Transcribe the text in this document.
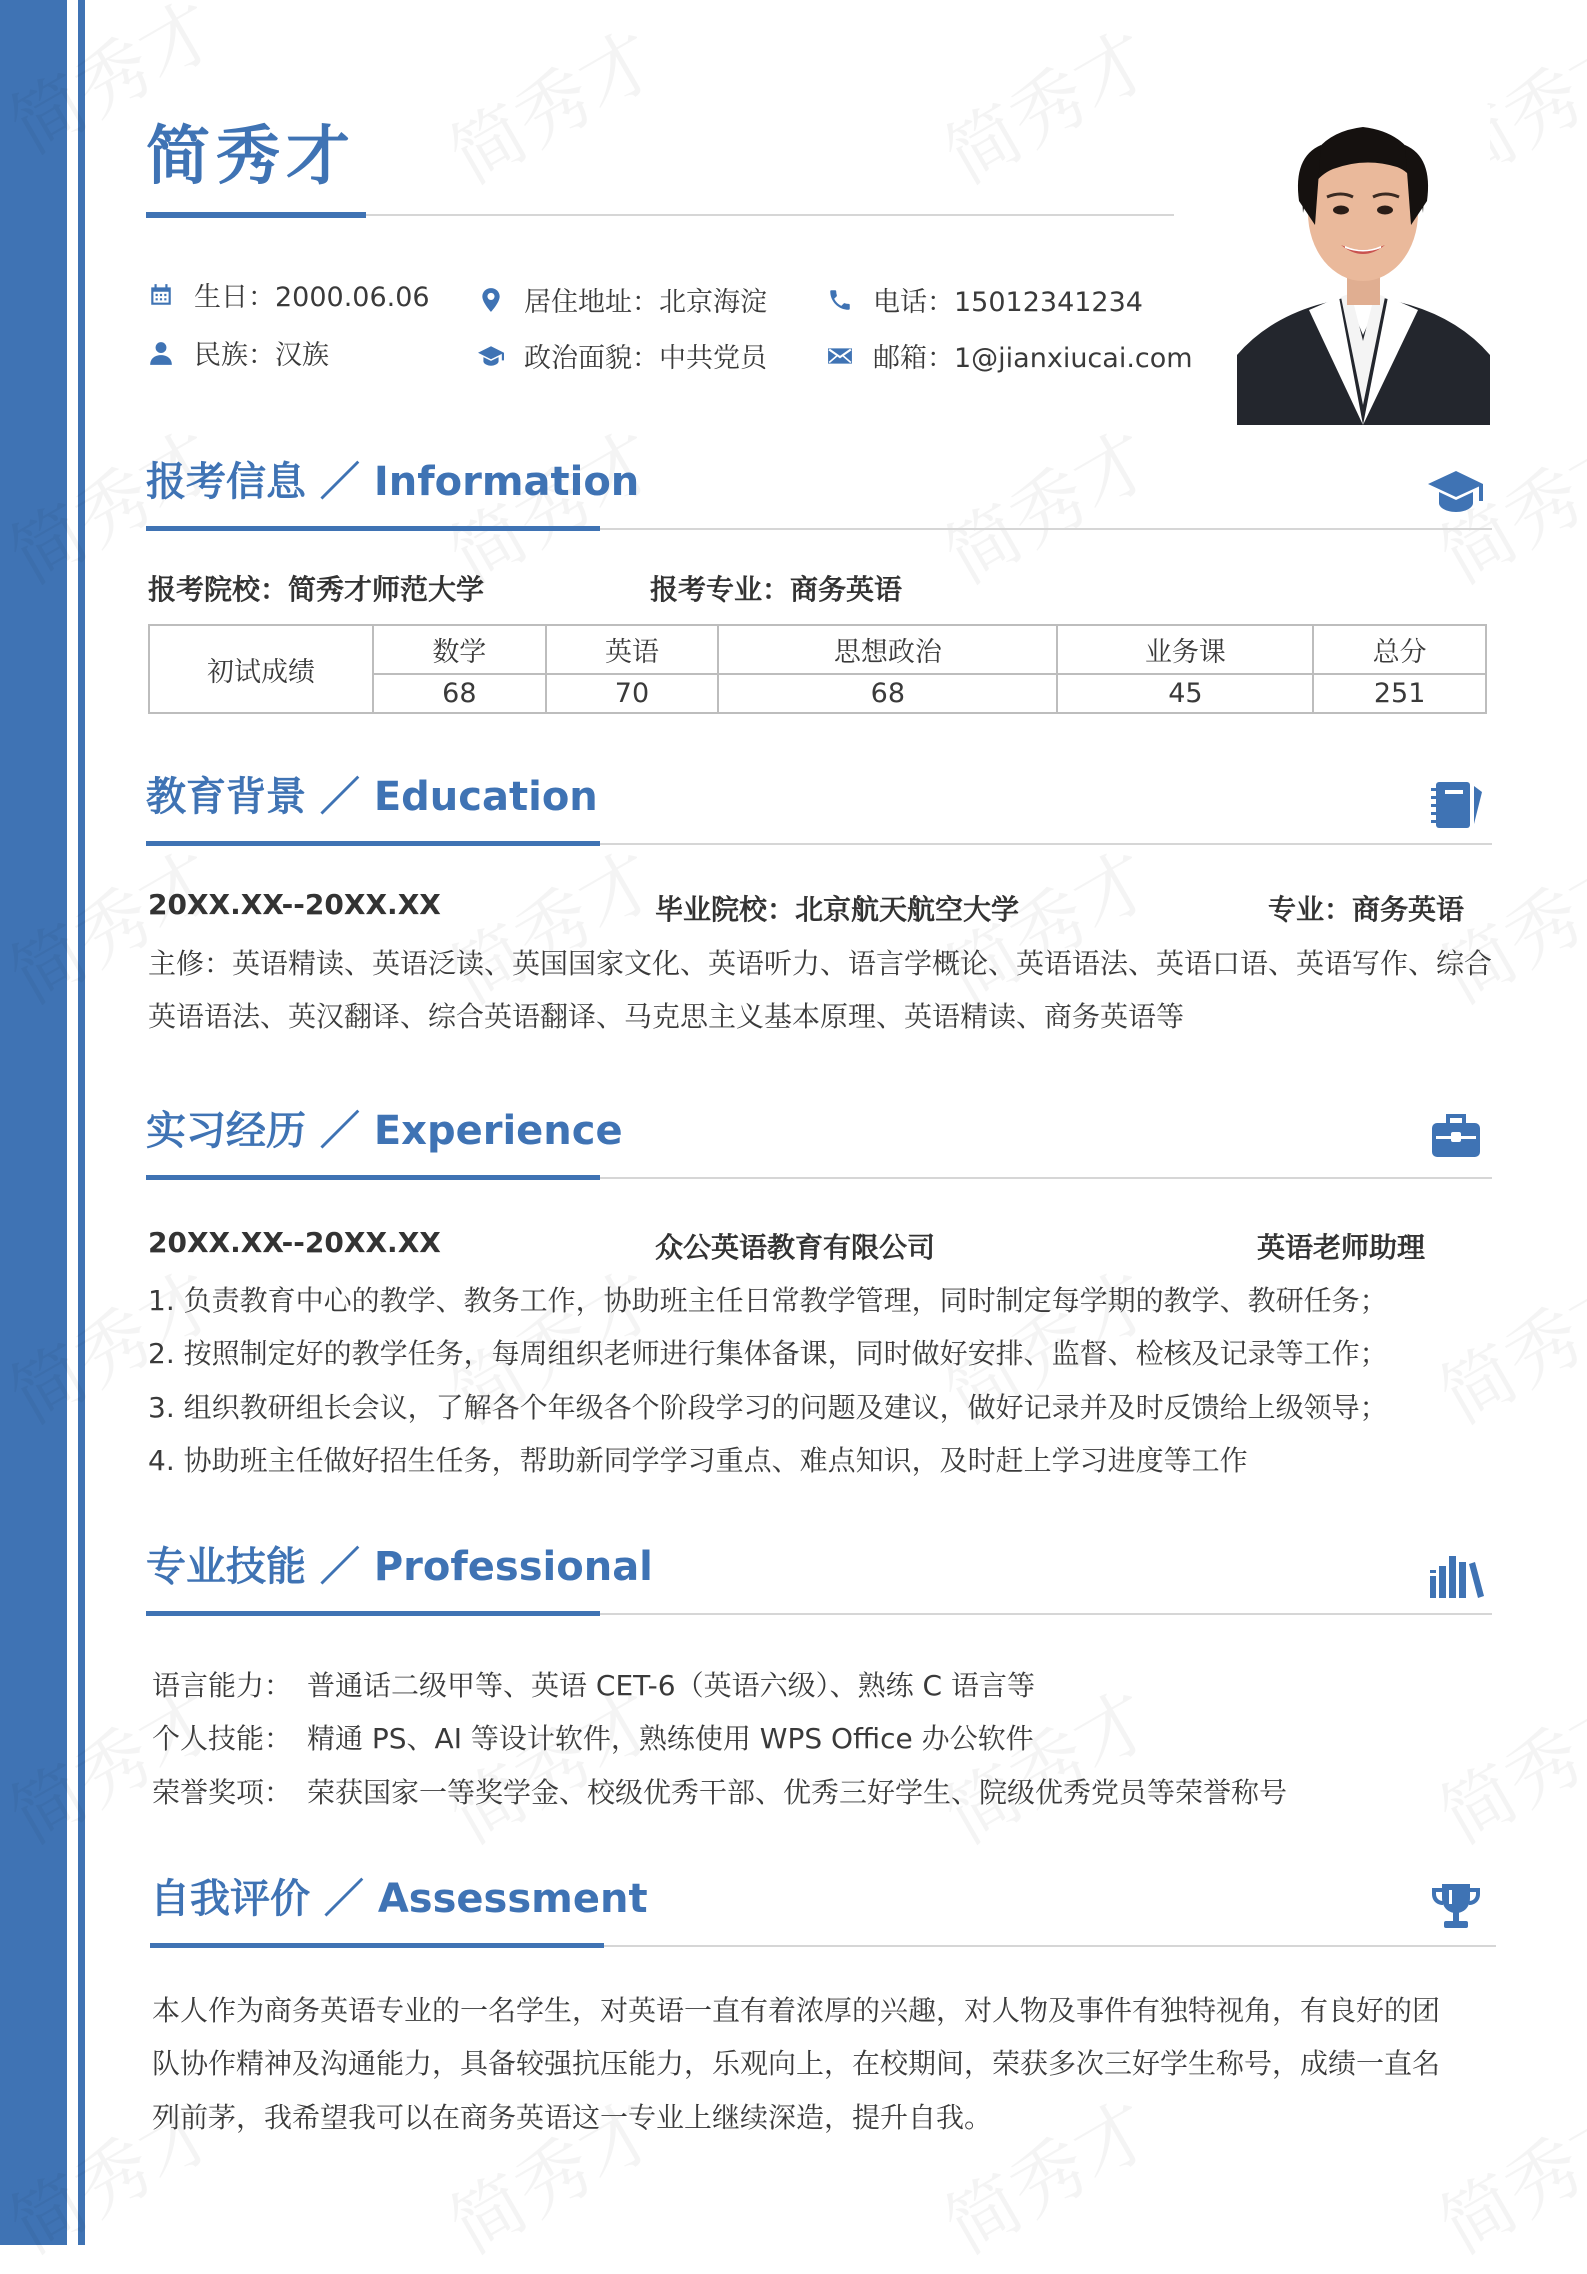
简秀才
生日：2000.06.06
民族：汉族
居住地址：北京海淀
政治面貌：中共党员
电话：15012341234
邮箱：1@jianxiucai.com
报考信息 ／ Information
报考院校：简秀才师范大学	报考专业：商务英语
初试成绩	数学	英语	思想政治	业务课	总分
	68	70	68	45	251
教育背景 ／ Education
20XX.XX--20XX.XX	毕业院校：北京航天航空大学	专业：商务英语
主修：英语精读、英语泛读、英国国家文化、英语听力、语言学概论、英语语法、英语口语、英语写作、综合
英语语法、英汉翻译、综合英语翻译、马克思主义基本原理、英语精读、商务英语等
实习经历 ／ Experience
20XX.XX--20XX.XX	众公英语教育有限公司	英语老师助理
1. 负责教育中心的教学、教务工作，协助班主任日常教学管理，同时制定每学期的教学、教研任务；
2. 按照制定好的教学任务，每周组织老师进行集体备课，同时做好安排、监督、检核及记录等工作；
3. 组织教研组长会议，了解各个年级各个阶段学习的问题及建议，做好记录并及时反馈给上级领导；
4. 协助班主任做好招生任务，帮助新同学学习重点、难点知识，及时赶上学习进度等工作
专业技能 ／ Professional
语言能力： 普通话二级甲等、英语 CET-6（英语六级）、熟练 C 语言等
个人技能： 精通 PS、AI 等设计软件，熟练使用 WPS Office 办公软件
荣誉奖项： 荣获国家一等奖学金、校级优秀干部、优秀三好学生、院级优秀党员等荣誉称号
自我评价 ／ Assessment
本人作为商务英语专业的一名学生，对英语一直有着浓厚的兴趣，对人物及事件有独特视角，有良好的团
队协作精神及沟通能力，具备较强抗压能力，乐观向上，在校期间，荣获多次三好学生称号，成绩一直名
列前茅，我希望我可以在商务英语这一专业上继续深造，提升自我。
